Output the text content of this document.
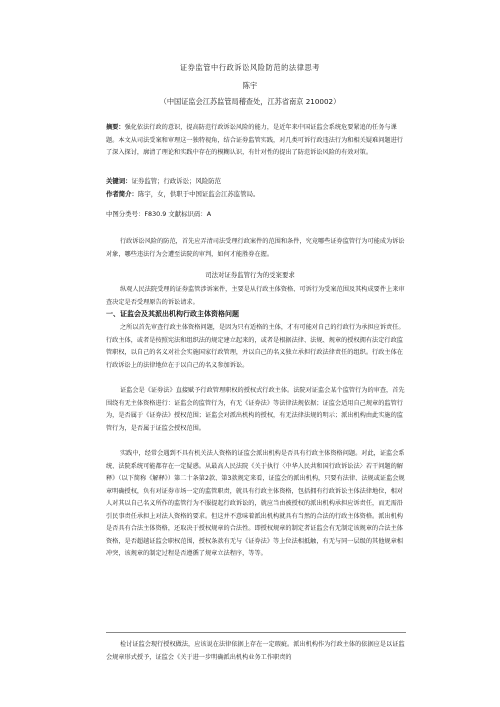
证券监管中行政诉讼风险防范的法律思考
陈宇
（中国证监会江苏监管局稽查处，江苏省南京 210002）
摘要：强化依法行政的意识，提高防范行政诉讼风险的能力，是近年来中国证监会系统危要紧追的任务与课题。本文从司法受案和审理这一独特视角，结合证券监管实践，对几类可诉行政违法行为和相关疑难问题进行了深入探讨，廓清了理论和实践中存在的模糊认识，有针对性的提出了防范诉讼风险的有效对策。
关键词：证券监管；行政诉讼；风险防范
作者简介：陈宇，女，供职于中国证监会江苏监管局。
中图分类号：F830.9 文献标识码：A
行政诉讼风险的防范，首先应弄清司法受理行政案件的范围和条件，究竟哪些证券监管行为可能成为诉讼对象，哪些违法行为会遭至法院的审判，如何才能胜券在握。
司法对证券监管行为的受案要求
纵观人民法院受理的证券监管涉诉案件，主要是从行政主体资格、可诉行为受案范围及其构成要件上来审查决定是否受理原告的诉讼请求。
一、证监会及其派出机构行政主体资格问题
之所以首先审查行政主体资格问题，是因为只有适格的主体，才有可能对自己的行政行为承担应诉责任。行政主体，或者是按照宪法和组织法的规定建立起来的，或者是根据法律、法规、规章的授权拥有法定行政监管职权，以自己的名义对社会实施国家行政管理，并以自己的名义独立承担行政法律责任的组织。行政主体在行政诉讼上的法律地位在于以自己的名义参加诉讼。
证监会是《证券法》直接赋予行政管理职权的授权式行政主体。法院对证监会某个监管行为的审查，首先围绕有无主体资格进行：证监会的监管行为，有无《证券法》等法律法规依据；证监会适用自己规章的监管行为，是否属于《证券法》授权范围；证监会对派出机构的授权，有无法律法规的明示；派出机构由此实施的监管行为，是否属于证监会授权范围。
实践中，经常会遇到不具有机关法人资格的证监会派出机构是否具有行政主体资格问题。对此，证监会系统、法院系统可能都存在一定疑惑。从最高人民法院《关于执行〈中华人民共和国行政诉讼法〉若干问题的解释》（以下简称《解释》）第二十条第2款、第3款规定来看，证监会的派出机构，只要有法律、法规或证监会规章明确授权，负有对证券市场一定的监管职责，就具有行政主体资格，包括拥有行政诉讼主体法律地位，相对人对其以自己名义所作的监管行为不服提起行政诉讼的，就应当由被授权的派出机构承担应诉责任，而无需沿引民事责任承担上对法人资格的要求。但这并不意味着派出机构就具有当然的合法的行政主体资格。派出机构是否具有合法主体资格，还取决于授权规章的合法性。即授权规章的制定者证监会有无制定该规章的合法主体资格，是否超越证监会职权范围，授权条款有无与《证券法》等上位法相抵触，有无与同一层级的其他规章相冲突，该规章的制定过程是否遵循了规章立法程序，等等。
检讨证监会现行授权做法，应该说在法律依据上存在一定瑕疵。派出机构作为行政主体的依据应是以证监会规章形式授予，证监会《关于进一步明确派出机构业务工作职责的
